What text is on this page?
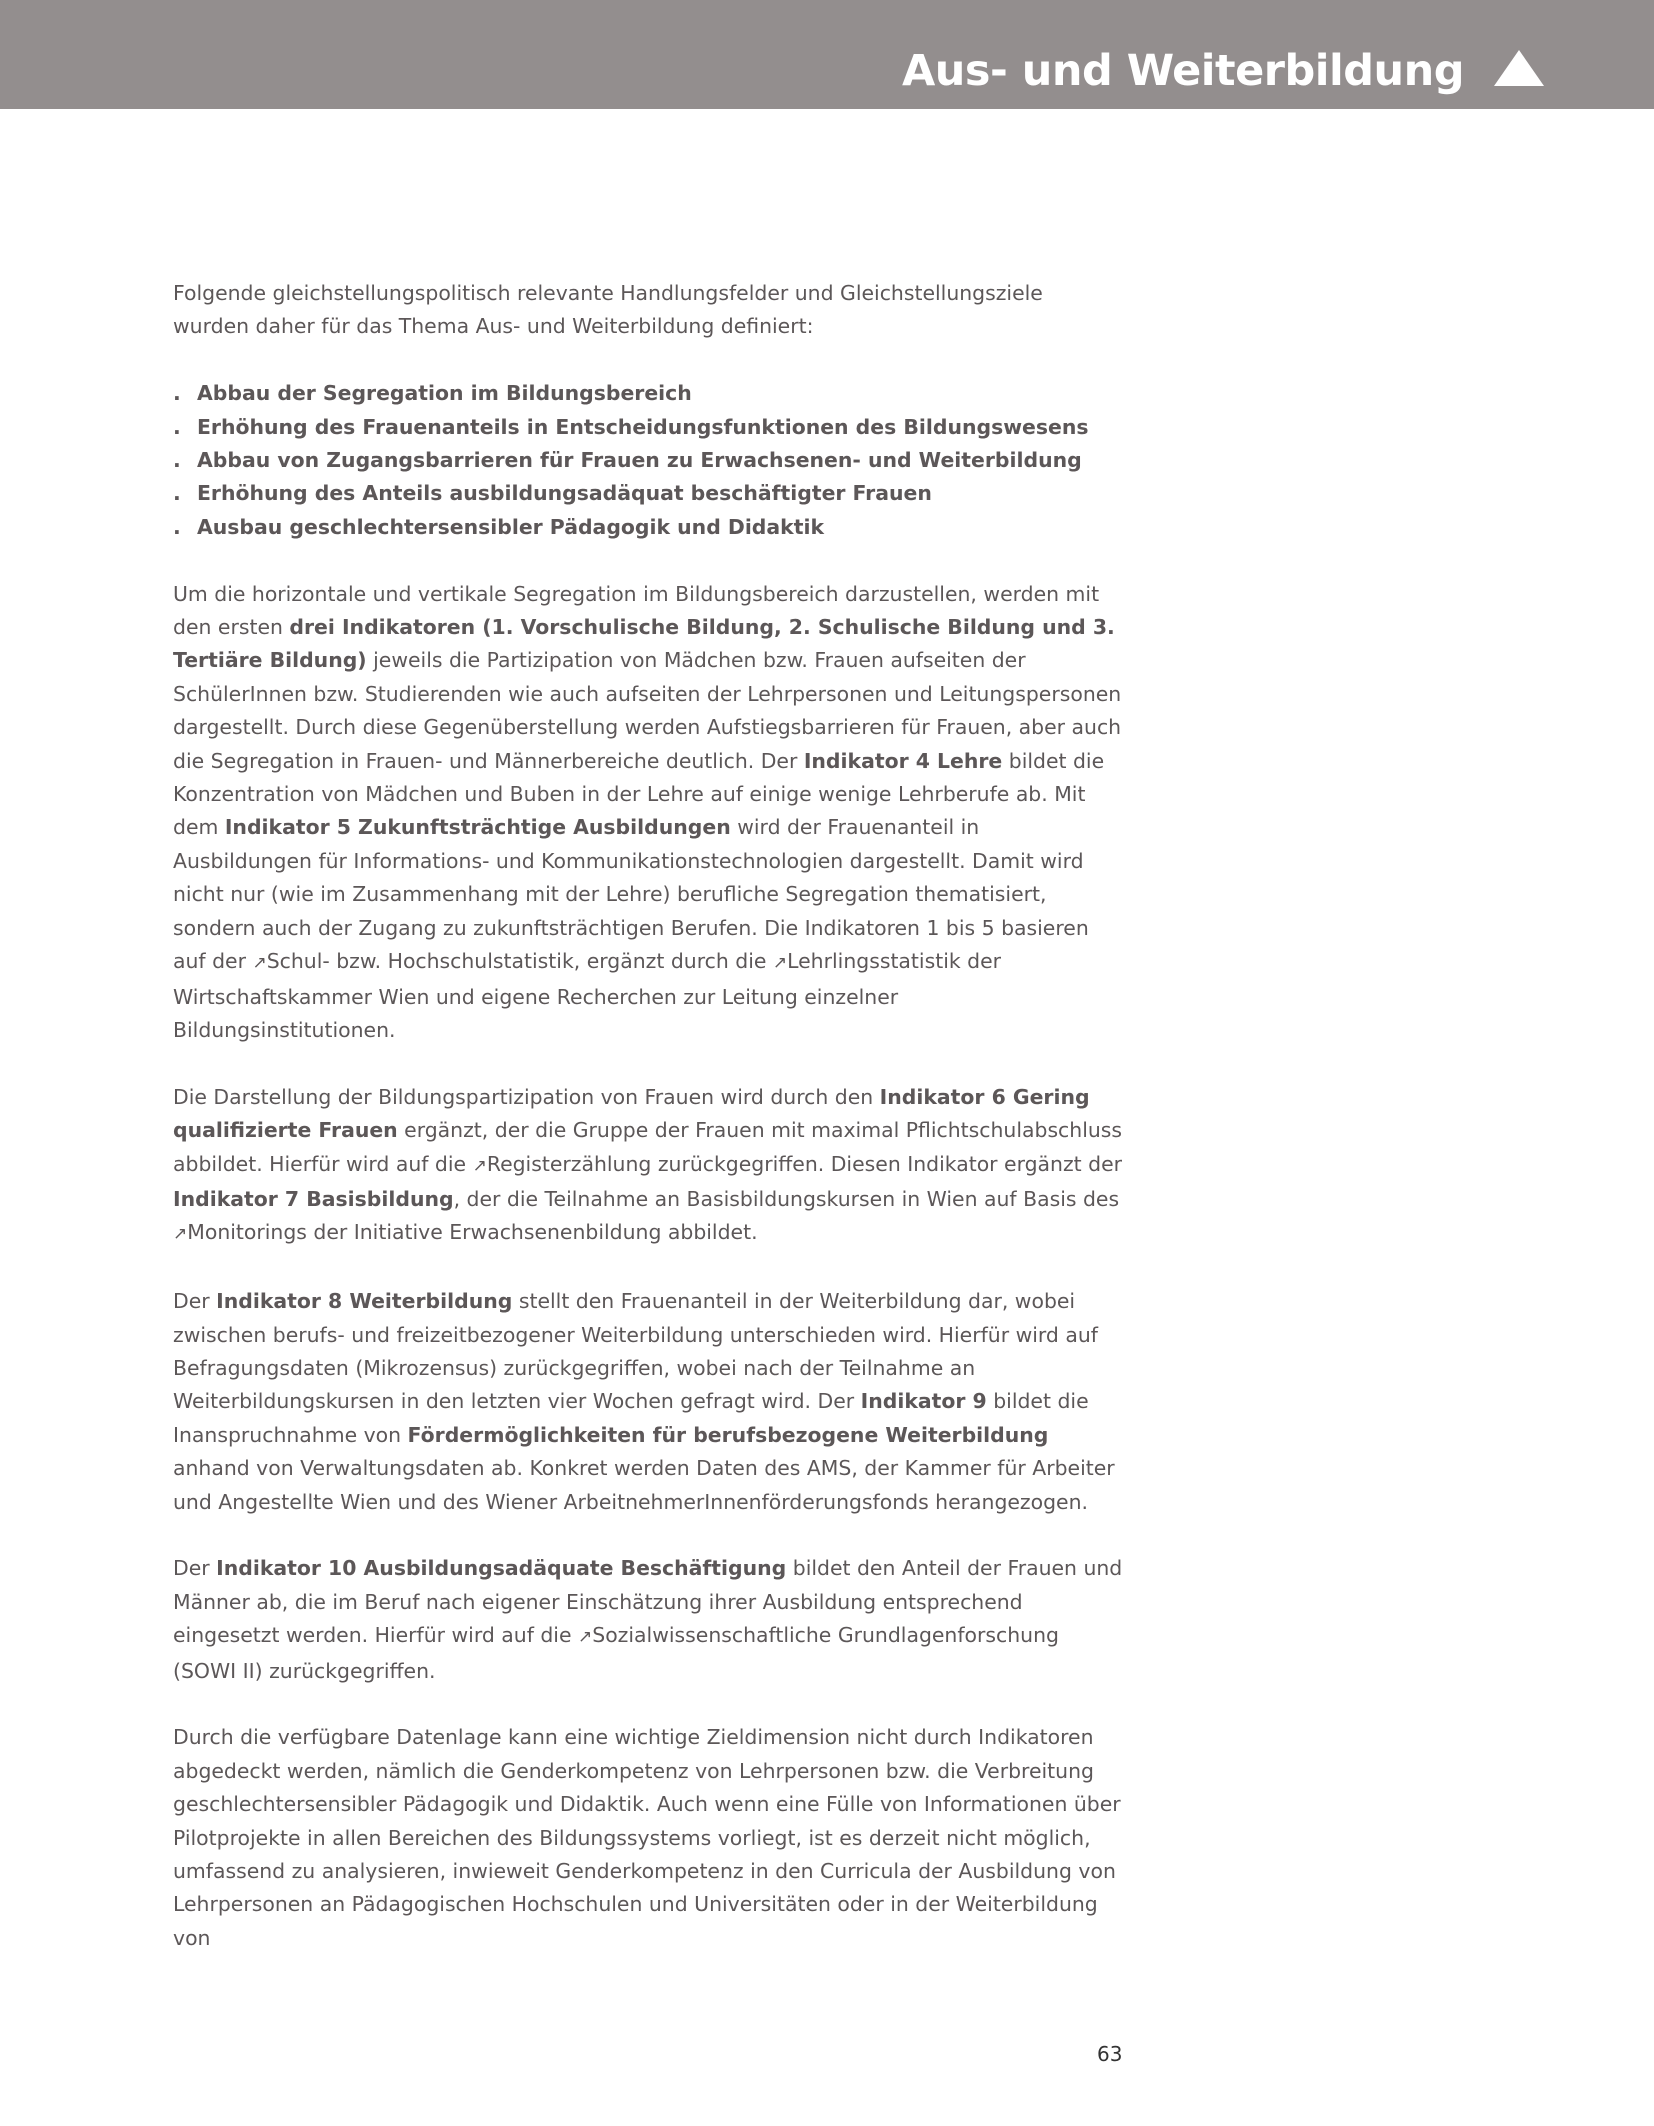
Aus- und Weiterbildung

Folgende gleichstellungspolitisch relevante Handlungsfelder und Gleichstellungsziele wurden daher für das Thema Aus- und Weiterbildung definiert:

. Abbau der Segregation im Bildungsbereich
. Erhöhung des Frauenanteils in Entscheidungsfunktionen des Bildungswesens
. Abbau von Zugangsbarrieren für Frauen zu Erwachsenen- und Weiterbildung
. Erhöhung des Anteils ausbildungsadäquat beschäftigter Frauen
. Ausbau geschlechtersensibler Pädagogik und Didaktik

Um die horizontale und vertikale Segregation im Bildungsbereich darzustellen, werden mit den ersten drei Indikatoren (1. Vorschulische Bildung, 2. Schulische Bildung und 3. Tertiäre Bildung) jeweils die Partizipation von Mädchen bzw. Frauen aufseiten der SchülerInnen bzw. Studierenden wie auch aufseiten der Lehrpersonen und Leitungspersonen dargestellt. Durch diese Gegenüberstellung werden Aufstiegsbarrieren für Frauen, aber auch die Segregation in Frauen- und Männerbereiche deutlich. Der Indikator 4 Lehre bildet die Konzentration von Mädchen und Buben in der Lehre auf einige wenige Lehrberufe ab. Mit dem Indikator 5 Zukunftsträchtige Ausbildungen wird der Frauenanteil in Ausbildungen für Informations- und Kommunikationstechnologien dargestellt. Damit wird nicht nur (wie im Zusammenhang mit der Lehre) berufliche Segregation thematisiert, sondern auch der Zugang zu zukunftsträchtigen Berufen. Die Indikatoren 1 bis 5 basieren auf der ↗Schul- bzw. Hochschulstatistik, ergänzt durch die ↗Lehrlingsstatistik der Wirtschaftskammer Wien und eigene Recherchen zur Leitung einzelner Bildungsinstitutionen.

Die Darstellung der Bildungspartizipation von Frauen wird durch den Indikator 6 Gering qualifizierte Frauen ergänzt, der die Gruppe der Frauen mit maximal Pflichtschulabschluss abbildet. Hierfür wird auf die ↗Registerzählung zurückgegriffen. Diesen Indikator ergänzt der Indikator 7 Basisbildung, der die Teilnahme an Basisbildungskursen in Wien auf Basis des ↗Monitorings der Initiative Erwachsenenbildung abbildet.

Der Indikator 8 Weiterbildung stellt den Frauenanteil in der Weiterbildung dar, wobei zwischen berufs- und freizeitbezogener Weiterbildung unterschieden wird. Hierfür wird auf Befragungsdaten (Mikrozensus) zurückgegriffen, wobei nach der Teilnahme an Weiterbildungskursen in den letzten vier Wochen gefragt wird. Der Indikator 9 bildet die Inanspruchnahme von Fördermöglichkeiten für berufsbezogene Weiterbildung anhand von Verwaltungsdaten ab. Konkret werden Daten des AMS, der Kammer für Arbeiter und Angestellte Wien und des Wiener ArbeitnehmerInnenförderungsfonds herangezogen.

Der Indikator 10 Ausbildungsadäquate Beschäftigung bildet den Anteil der Frauen und Männer ab, die im Beruf nach eigener Einschätzung ihrer Ausbildung entsprechend eingesetzt werden. Hierfür wird auf die ↗Sozialwissenschaftliche Grundlagenforschung (SOWI II) zurückgegriffen.

Durch die verfügbare Datenlage kann eine wichtige Zieldimension nicht durch Indikatoren abgedeckt werden, nämlich die Genderkompetenz von Lehrpersonen bzw. die Verbreitung geschlechtersensibler Pädagogik und Didaktik. Auch wenn eine Fülle von Informationen über Pilotprojekte in allen Bereichen des Bildungssystems vorliegt, ist es derzeit nicht möglich, umfassend zu analysieren, inwieweit Genderkompetenz in den Curricula der Ausbildung von Lehrpersonen an Pädagogischen Hochschulen und Universitäten oder in der Weiterbildung von

63
